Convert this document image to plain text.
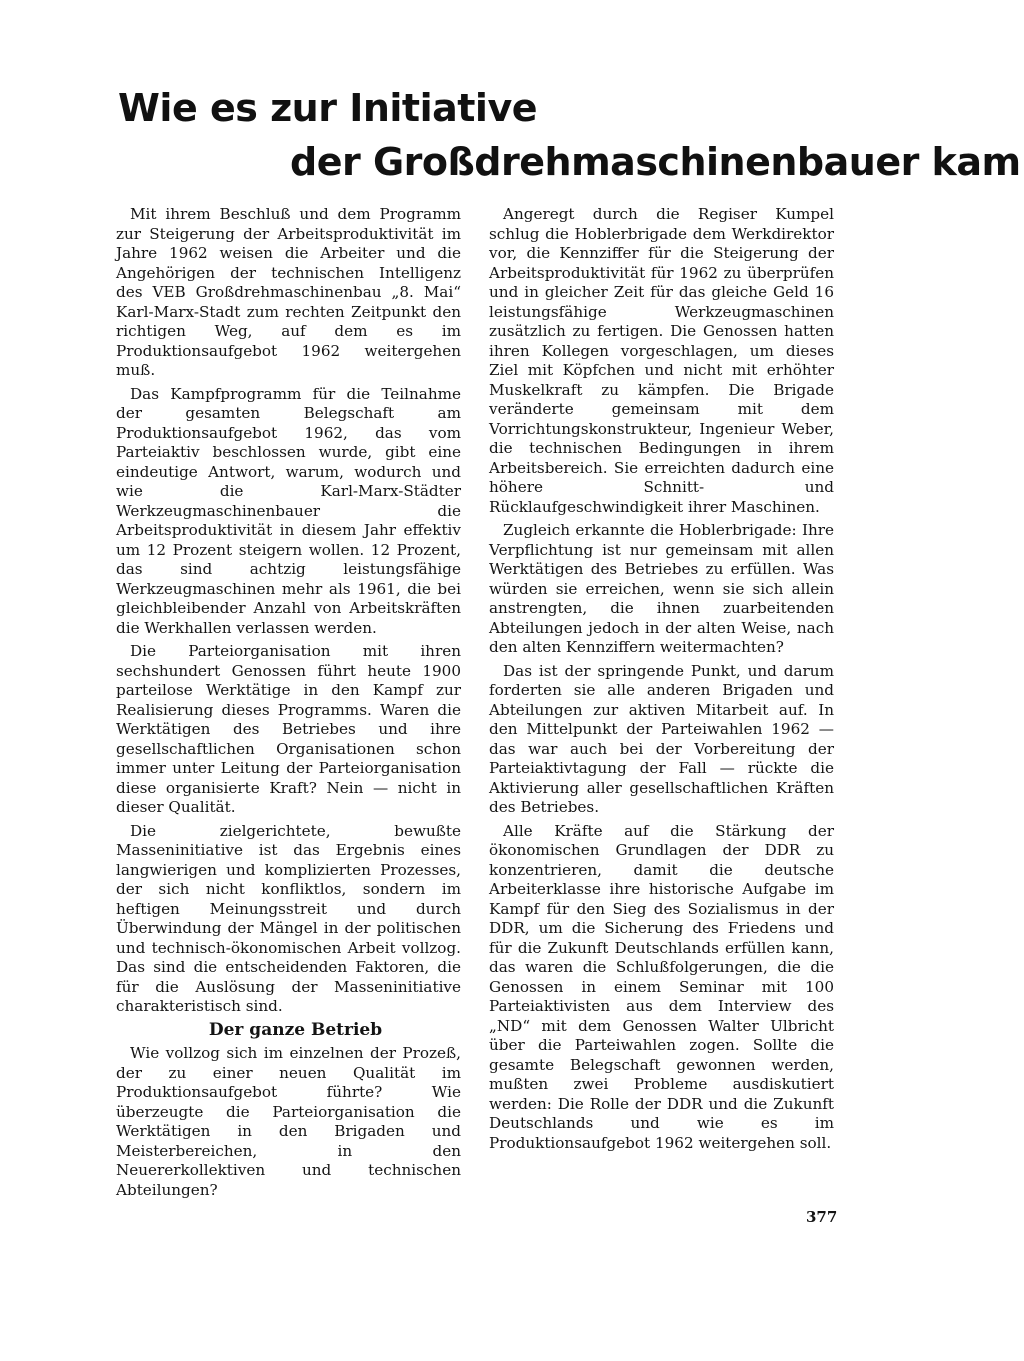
Wie es zur Initiative
der Großdrehmaschinenbauer kam

Mit ihrem Beschluß und dem Programm zur Steigerung der Arbeitsproduktivität im Jahre 1962 weisen die Arbeiter und die Angehörigen der technischen Intelligenz des VEB Großdrehmaschinenbau „8. Mai“ Karl-Marx-Stadt zum rechten Zeitpunkt den richtigen Weg, auf dem es im Produktionsaufgebot 1962 weitergehen muß.

Das Kampfprogramm für die Teilnahme der gesamten Belegschaft am Produktionsaufgebot 1962, das vom Parteiaktiv beschlossen wurde, gibt eine eindeutige Antwort, warum, wodurch und wie die Karl-Marx-Städter Werkzeugmaschinenbauer die Arbeitsproduktivität in diesem Jahr effektiv um 12 Prozent steigern wollen. 12 Prozent, das sind achtzig leistungsfähige Werkzeugmaschinen mehr als 1961, die bei gleichbleibender Anzahl von Arbeitskräften die Werkhallen verlassen werden.

Die Parteiorganisation mit ihren sechshundert Genossen führt heute 1900 parteilose Werktätige in den Kampf zur Realisierung dieses Programms. Waren die Werktätigen des Betriebes und ihre gesellschaftlichen Organisationen schon immer unter Leitung der Parteiorganisation diese organisierte Kraft? Nein — nicht in dieser Qualität.

Die zielgerichtete, bewußte Masseninitiative ist das Ergebnis eines langwierigen und komplizierten Prozesses, der sich nicht konfliktlos, sondern im heftigen Meinungsstreit und durch Überwindung der Mängel in der politischen und technisch-ökonomischen Arbeit vollzog. Das sind die entscheidenden Faktoren, die für die Auslösung der Masseninitiative charakteristisch sind.

Der ganze Betrieb

Wie vollzog sich im einzelnen der Prozeß, der zu einer neuen Qualität im Produktionsaufgebot führte? Wie überzeugte die Parteiorganisation die Werktätigen in den Brigaden und Meisterbereichen, in den Neuererkollektiven und technischen Abteilungen?

Angeregt durch die Regiser Kumpel schlug die Hoblerbrigade dem Werkdirektor vor, die Kennziffer für die Steigerung der Arbeitsproduktivität für 1962 zu überprüfen und in gleicher Zeit für das gleiche Geld 16 leistungsfähige Werkzeugmaschinen zusätzlich zu fertigen. Die Genossen hatten ihren Kollegen vorgeschlagen, um dieses Ziel mit Köpfchen und nicht mit erhöhter Muskelkraft zu kämpfen. Die Brigade veränderte gemeinsam mit dem Vorrichtungskonstrukteur, Ingenieur Weber, die technischen Bedingungen in ihrem Arbeitsbereich. Sie erreichten dadurch eine höhere Schnitt- und Rücklaufgeschwindigkeit ihrer Maschinen.

Zugleich erkannte die Hoblerbrigade: Ihre Verpflichtung ist nur gemeinsam mit allen Werktätigen des Betriebes zu erfüllen. Was würden sie erreichen, wenn sie sich allein anstrengten, die ihnen zuarbeitenden Abteilungen jedoch in der alten Weise, nach den alten Kennziffern weitermachten?

Das ist der springende Punkt, und darum forderten sie alle anderen Brigaden und Abteilungen zur aktiven Mitarbeit auf. In den Mittelpunkt der Parteiwahlen 1962 — das war auch bei der Vorbereitung der Parteiaktivtagung der Fall — rückte die Aktivierung aller gesellschaftlichen Kräften des Betriebes.

Alle Kräfte auf die Stärkung der ökonomischen Grundlagen der DDR zu konzentrieren, damit die deutsche Arbeiterklasse ihre historische Aufgabe im Kampf für den Sieg des Sozialismus in der DDR, um die Sicherung des Friedens und für die Zukunft Deutschlands erfüllen kann, das waren die Schlußfolgerungen, die die Genossen in einem Seminar mit 100 Parteiaktivisten aus dem Interview des „ND“ mit dem Genossen Walter Ulbricht über die Parteiwahlen zogen. Sollte die gesamte Belegschaft gewonnen werden, mußten zwei Probleme ausdiskutiert werden: Die Rolle der DDR und die Zukunft Deutschlands und wie es im Produktionsaufgebot 1962 weitergehen soll.

377
